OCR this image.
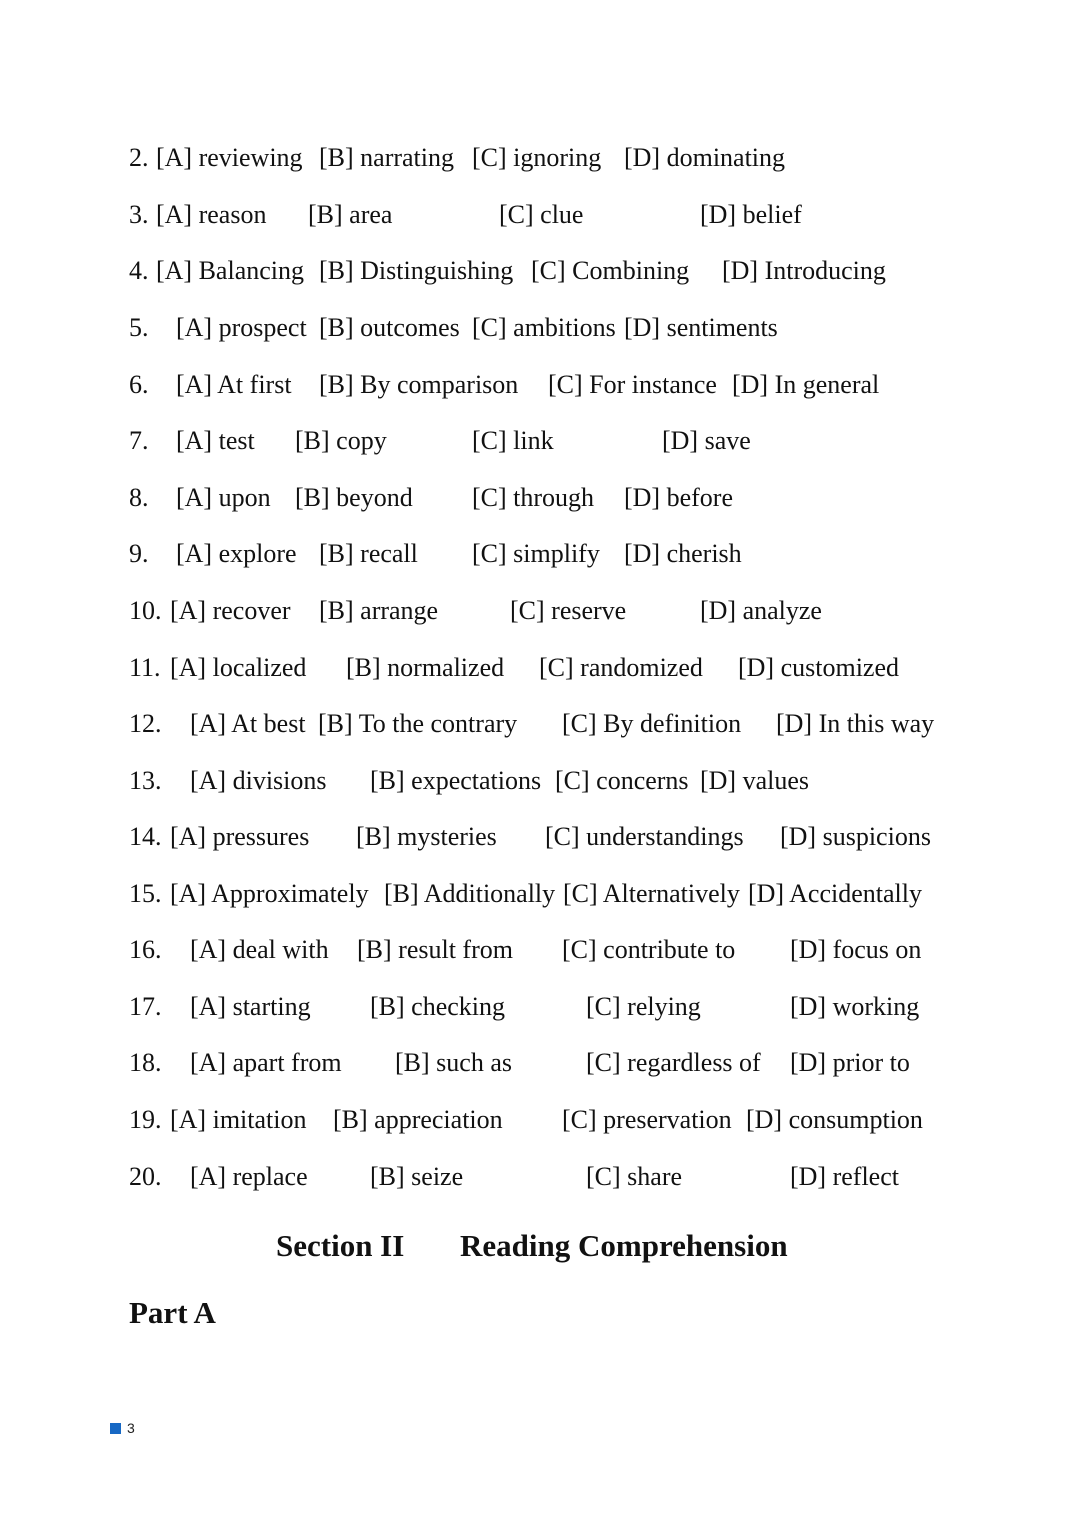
2. [A] reviewing [B] narrating [C] ignoring [D] dominating
3. [A] reason [B] area	[C] clue	[D] belief
4. [A] Balancing [B] Distinguishing [C] Combining [D] Introducing
5. [A] prospect [B] outcomes [C] ambitions [D] sentiments
6. [A] At first [B] By comparison [C] For instance [D] In general
7. [A] test [B] copy	[C] link	[D] save
8. [A] upon [B] beyond [C] through [D] before
9. [A] explore [B] recall [C] simplify [D] cherish
10. [A] recover [B] arrange	[C] reserve	[D] analyze
11. [A] localized [B] normalized [C] randomized [D] customized
12. [A] At best [B] To the contrary [C] By definition [D] In this way
13. [A] divisions [B] expectations [C] concerns [D] values
14. [A] pressures [B] mysteries [C] understandings [D] suspicions
15. [A] Approximately [B] Additionally [C] Alternatively [D] Accidentally
16. [A] deal with [B] result from [C] contribute to [D] focus on
17. [A] starting [B] checking	[C] relying	[D] working
18. [A] apart from [B] such as	[C] regardless of [D] prior to
19. [A] imitation [B] appreciation [C] preservation [D] consumption
20. [A] replace [B] seize	[C] share	[D] reflect
Section II Reading Comprehension
Part A
3
